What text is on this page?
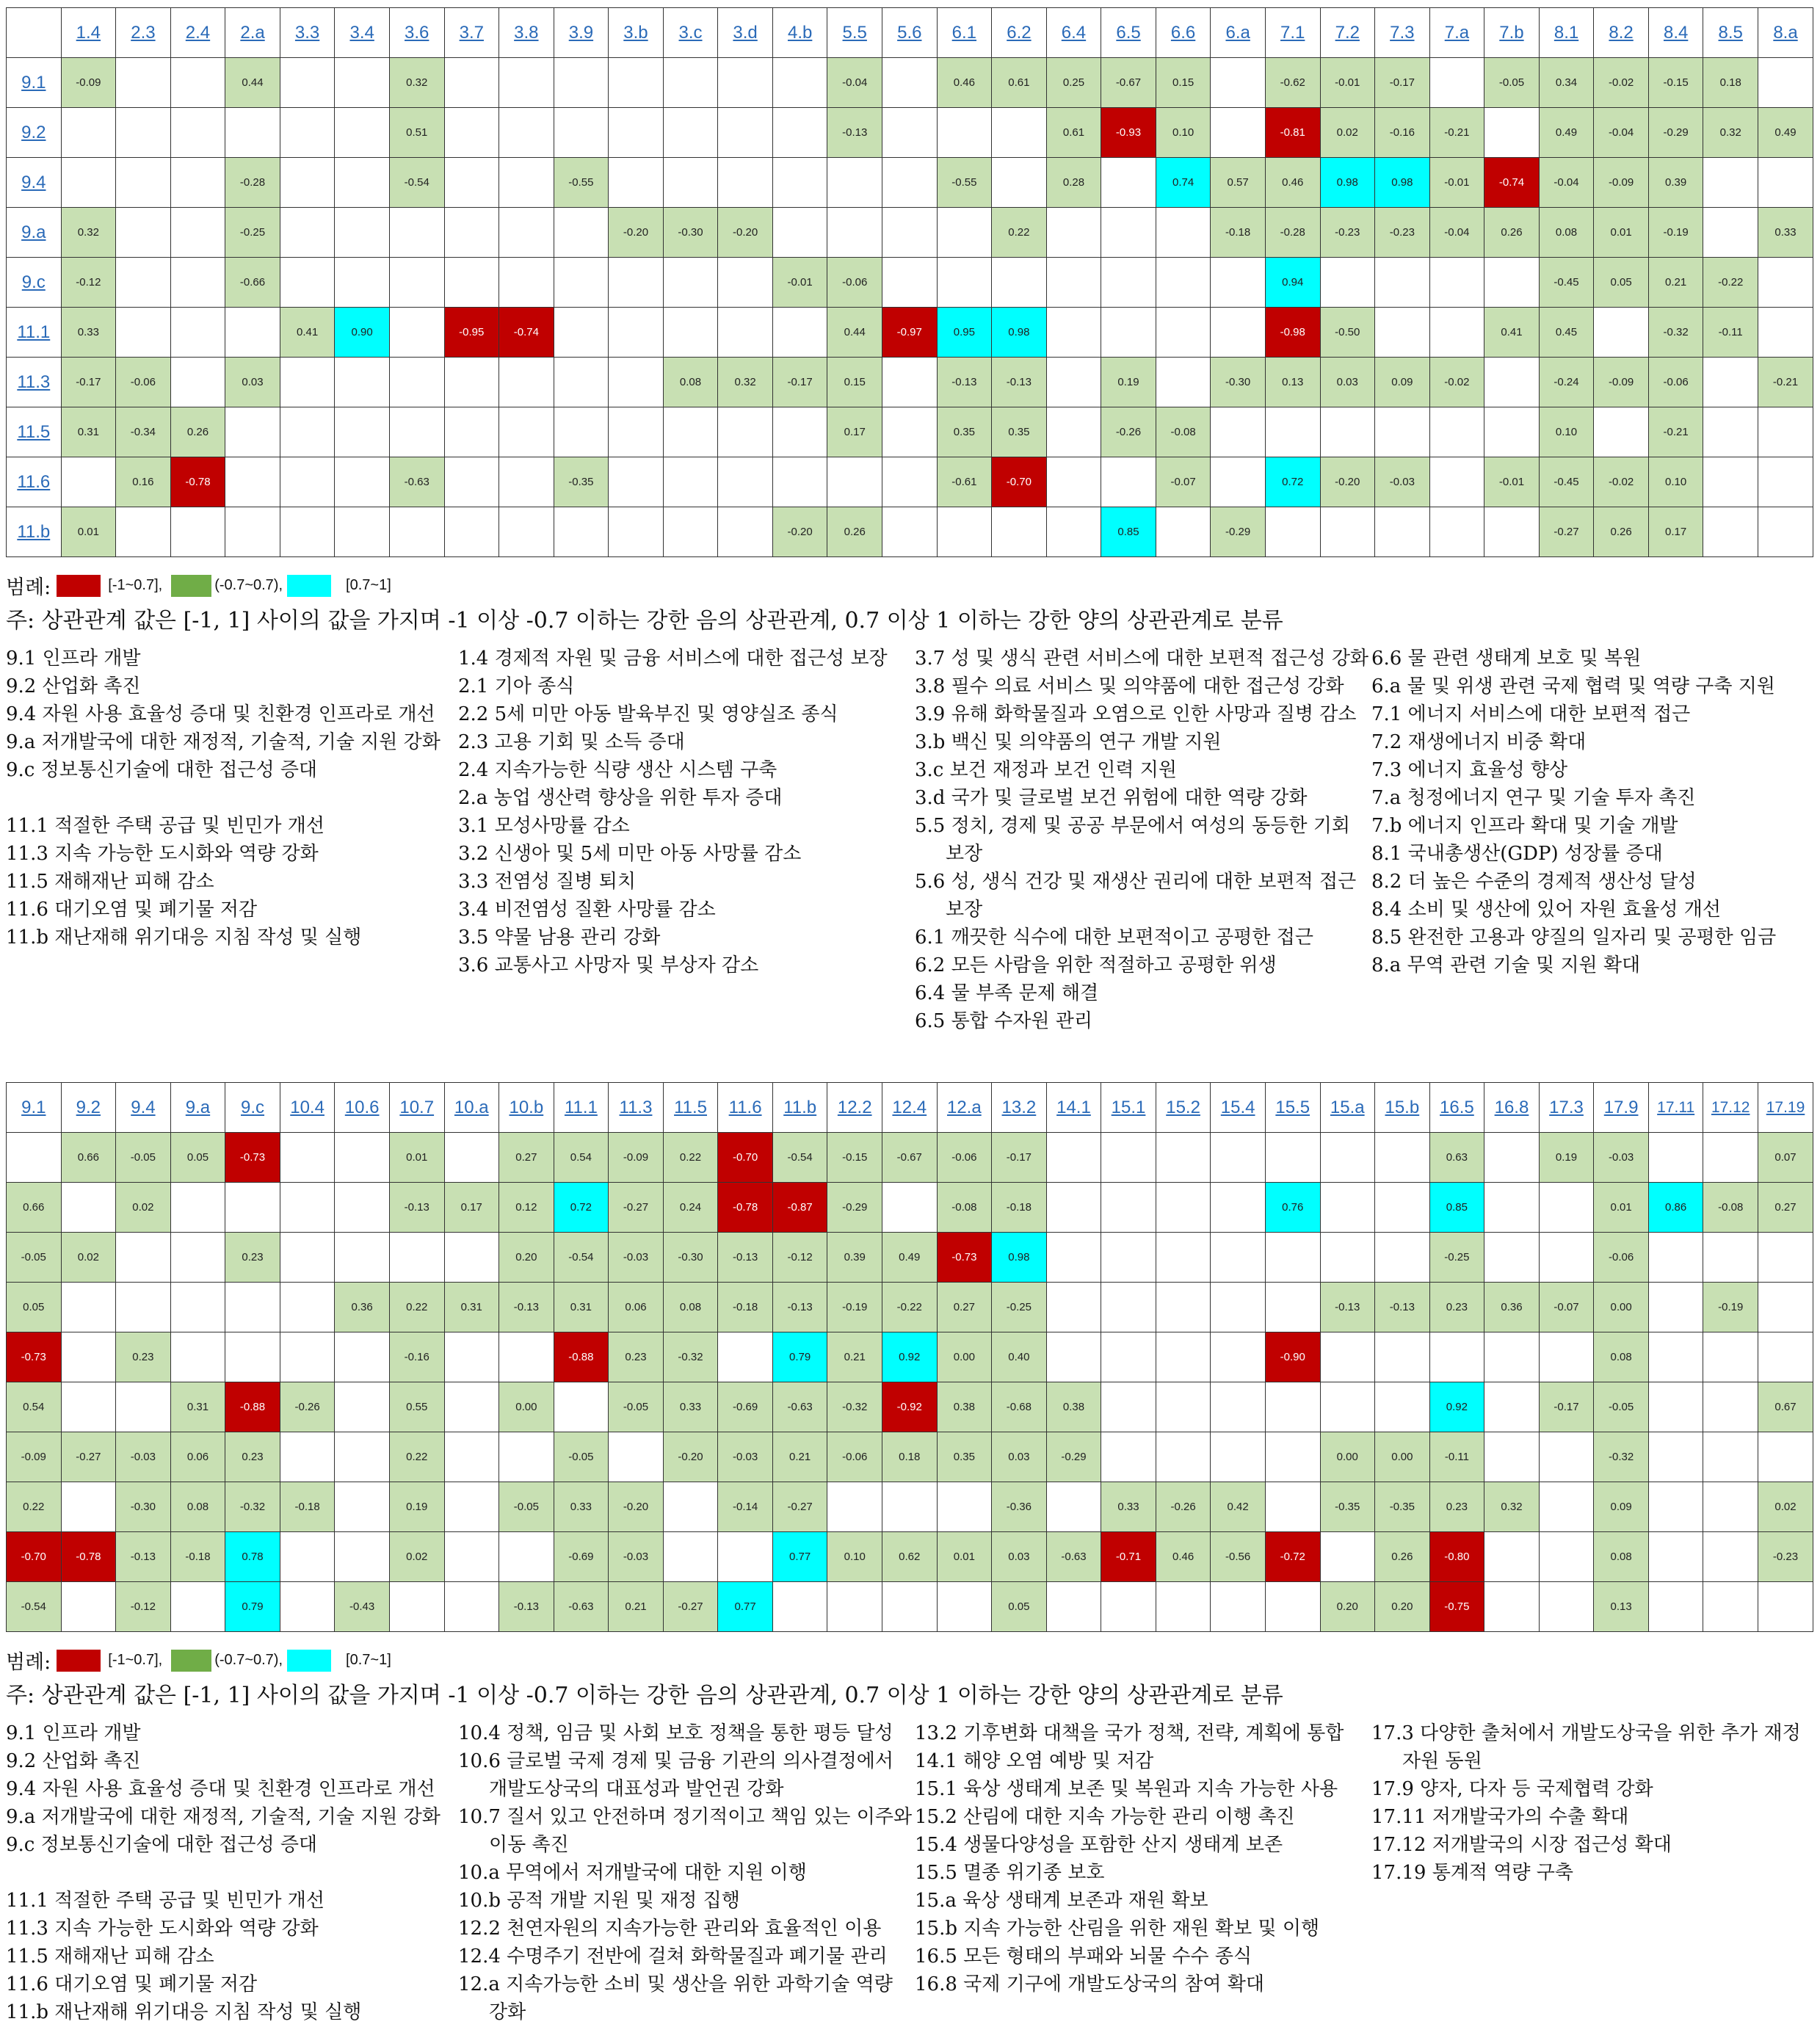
	1.4	2.3	2.4	2.a	3.3	3.4	3.6	3.7	3.8	3.9	3.b	3.c	3.d	4.b	5.5	5.6	6.1	6.2	6.4	6.5	6.6	6.a	7.1	7.2	7.3	7.a	7.b	8.1	8.2	8.4	8.5	8.a
9.1	-0.09			0.44			0.32								-0.04		0.46	0.61	0.25	-0.67	0.15		-0.62	-0.01	-0.17		-0.05	0.34	-0.02	-0.15	0.18	
9.2							0.51								-0.13				0.61	-0.93	0.10		-0.81	0.02	-0.16	-0.21		0.49	-0.04	-0.29	0.32	0.49
9.4				-0.28			-0.54			-0.55							-0.55		0.28		0.74	0.57	0.46	0.98	0.98	-0.01	-0.74	-0.04	-0.09	0.39		
9.a	0.32			-0.25							-0.20	-0.30	-0.20					0.22				-0.18	-0.28	-0.23	-0.23	-0.04	0.26	0.08	0.01	-0.19		0.33
9.c	-0.12			-0.66										-0.01	-0.06								0.94					-0.45	0.05	0.21	-0.22	
11.1	0.33				0.41	0.90		-0.95	-0.74						0.44	-0.97	0.95	0.98					-0.98	-0.50			0.41	0.45		-0.32	-0.11	
11.3	-0.17	-0.06		0.03								0.08	0.32	-0.17	0.15		-0.13	-0.13		0.19		-0.30	0.13	0.03	0.09	-0.02		-0.24	-0.09	-0.06		-0.21
11.5	0.31	-0.34	0.26												0.17		0.35	0.35		-0.26	-0.08							0.10		-0.21		
11.6		0.16	-0.78				-0.63			-0.35							-0.61	-0.70			-0.07		0.72	-0.20	-0.03		-0.01	-0.45	-0.02	0.10		
11.b	0.01													-0.20	0.26					0.85		-0.29						-0.27	0.26	0.17		
범례:	[-1~0.7],	(-0.7~0.7),	[0.7~1]
주: 상관관계 값은 [-1, 1] 사이의 값을 가지며 -1 이상 -0.7 이하는 강한 음의 상관관계, 0.7 이상 1 이하는 강한 양의 상관관계로 분류
9.1 인프라 개발
9.2 산업화 촉진
9.4 자원 사용 효율성 증대 및 친환경 인프라로 개선
9.a 저개발국에 대한 재정적, 기술적, 기술 지원 강화
9.c 정보통신기술에 대한 접근성 증대
11.1 적절한 주택 공급 및 빈민가 개선
11.3 지속 가능한 도시화와 역량 강화
11.5 재해재난 피해 감소
11.6 대기오염 및 폐기물 저감
11.b 재난재해 위기대응 지침 작성 및 실행
1.4 경제적 자원 및 금융 서비스에 대한 접근성 보장
2.1 기아 종식
2.2 5세 미만 아동 발육부진 및 영양실조 종식
2.3 고용 기회 및 소득 증대
2.4 지속가능한 식량 생산 시스템 구축
2.a 농업 생산력 향상을 위한 투자 증대
3.1 모성사망률 감소
3.2 신생아 및 5세 미만 아동 사망률 감소
3.3 전염성 질병 퇴치
3.4 비전염성 질환 사망률 감소
3.5 약물 남용 관리 강화
3.6 교통사고 사망자 및 부상자 감소
3.7 성 및 생식 관련 서비스에 대한 보편적 접근성 강화
3.8 필수 의료 서비스 및 의약품에 대한 접근성 강화
3.9 유해 화학물질과 오염으로 인한 사망과 질병 감소
3.b 백신 및 의약품의 연구 개발 지원
3.c 보건 재정과 보건 인력 지원
3.d 국가 및 글로벌 보건 위험에 대한 역량 강화
5.5 정치, 경제 및 공공 부문에서 여성의 동등한 기회
보장
5.6 성, 생식 건강 및 재생산 권리에 대한 보편적 접근
보장
6.1 깨끗한 식수에 대한 보편적이고 공평한 접근
6.2 모든 사람을 위한 적절하고 공평한 위생
6.4 물 부족 문제 해결
6.5 통합 수자원 관리
6.6 물 관련 생태계 보호 및 복원
6.a 물 및 위생 관련 국제 협력 및 역량 구축 지원
7.1 에너지 서비스에 대한 보편적 접근
7.2 재생에너지 비중 확대
7.3 에너지 효율성 향상
7.a 청정에너지 연구 및 기술 투자 촉진
7.b 에너지 인프라 확대 및 기술 개발
8.1 국내총생산(GDP) 성장률 증대
8.2 더 높은 수준의 경제적 생산성 달성
8.4 소비 및 생산에 있어 자원 효율성 개선
8.5 완전한 고용과 양질의 일자리 및 공평한 임금
8.a 무역 관련 기술 및 지원 확대
9.1	9.2	9.4	9.a	9.c	10.4	10.6	10.7	10.a	10.b	11.1	11.3	11.5	11.6	11.b	12.2	12.4	12.a	13.2	14.1	15.1	15.2	15.4	15.5	15.a	15.b	16.5	16.8	17.3	17.9	17.11	17.12	17.19
	0.66	-0.05	0.05	-0.73			0.01		0.27	0.54	-0.09	0.22	-0.70	-0.54	-0.15	-0.67	-0.06	-0.17								0.63		0.19	-0.03			0.07
0.66		0.02					-0.13	0.17	0.12	0.72	-0.27	0.24	-0.78	-0.87	-0.29		-0.08	-0.18					0.76			0.85			0.01	0.86	-0.08	0.27
-0.05	0.02			0.23					0.20	-0.54	-0.03	-0.30	-0.13	-0.12	0.39	0.49	-0.73	0.98								-0.25			-0.06			
0.05						0.36	0.22	0.31	-0.13	0.31	0.06	0.08	-0.18	-0.13	-0.19	-0.22	0.27	-0.25						-0.13	-0.13	0.23	0.36	-0.07	0.00		-0.19	
-0.73		0.23					-0.16			-0.88	0.23	-0.32		0.79	0.21	0.92	0.00	0.40					-0.90						0.08			
0.54			0.31	-0.88	-0.26		0.55		0.00		-0.05	0.33	-0.69	-0.63	-0.32	-0.92	0.38	-0.68	0.38							0.92		-0.17	-0.05			0.67
-0.09	-0.27	-0.03	0.06	0.23			0.22			-0.05		-0.20	-0.03	0.21	-0.06	0.18	0.35	0.03	-0.29					0.00	0.00	-0.11			-0.32			
0.22		-0.30	0.08	-0.32	-0.18		0.19		-0.05	0.33	-0.20		-0.14	-0.27				-0.36		0.33	-0.26	0.42		-0.35	-0.35	0.23	0.32		0.09			0.02
-0.70	-0.78	-0.13	-0.18	0.78			0.02			-0.69	-0.03			0.77	0.10	0.62	0.01	0.03	-0.63	-0.71	0.46	-0.56	-0.72		0.26	-0.80			0.08			-0.23
-0.54		-0.12		0.79		-0.43			-0.13	-0.63	0.21	-0.27	0.77					0.05						0.20	0.20	-0.75			0.13			
범례:	[-1~0.7],	(-0.7~0.7),	[0.7~1]
주: 상관관계 값은 [-1, 1] 사이의 값을 가지며 -1 이상 -0.7 이하는 강한 음의 상관관계, 0.7 이상 1 이하는 강한 양의 상관관계로 분류
9.1 인프라 개발
9.2 산업화 촉진
9.4 자원 사용 효율성 증대 및 친환경 인프라로 개선
9.a 저개발국에 대한 재정적, 기술적, 기술 지원 강화
9.c 정보통신기술에 대한 접근성 증대
11.1 적절한 주택 공급 및 빈민가 개선
11.3 지속 가능한 도시화와 역량 강화
11.5 재해재난 피해 감소
11.6 대기오염 및 폐기물 저감
11.b 재난재해 위기대응 지침 작성 및 실행
10.4 정책, 임금 및 사회 보호 정책을 통한 평등 달성
10.6 글로벌 국제 경제 및 금융 기관의 의사결정에서
개발도상국의 대표성과 발언권 강화
10.7 질서 있고 안전하며 정기적이고 책임 있는 이주와
이동 촉진
10.a 무역에서 저개발국에 대한 지원 이행
10.b 공적 개발 지원 및 재정 집행
12.2 천연자원의 지속가능한 관리와 효율적인 이용
12.4 수명주기 전반에 걸쳐 화학물질과 폐기물 관리
12.a 지속가능한 소비 및 생산을 위한 과학기술 역량
강화
13.2 기후변화 대책을 국가 정책, 전략, 계획에 통합
14.1 해양 오염 예방 및 저감
15.1 육상 생태계 보존 및 복원과 지속 가능한 사용
15.2 산림에 대한 지속 가능한 관리 이행 촉진
15.4 생물다양성을 포함한 산지 생태계 보존
15.5 멸종 위기종 보호
15.a 육상 생태계 보존과 재원 확보
15.b 지속 가능한 산림을 위한 재원 확보 및 이행
16.5 모든 형태의 부패와 뇌물 수수 종식
16.8 국제 기구에 개발도상국의 참여 확대
17.3 다양한 출처에서 개발도상국을 위한 추가 재정
자원 동원
17.9 양자, 다자 등 국제협력 강화
17.11 저개발국가의 수출 확대
17.12 저개발국의 시장 접근성 확대
17.19 통계적 역량 구축
